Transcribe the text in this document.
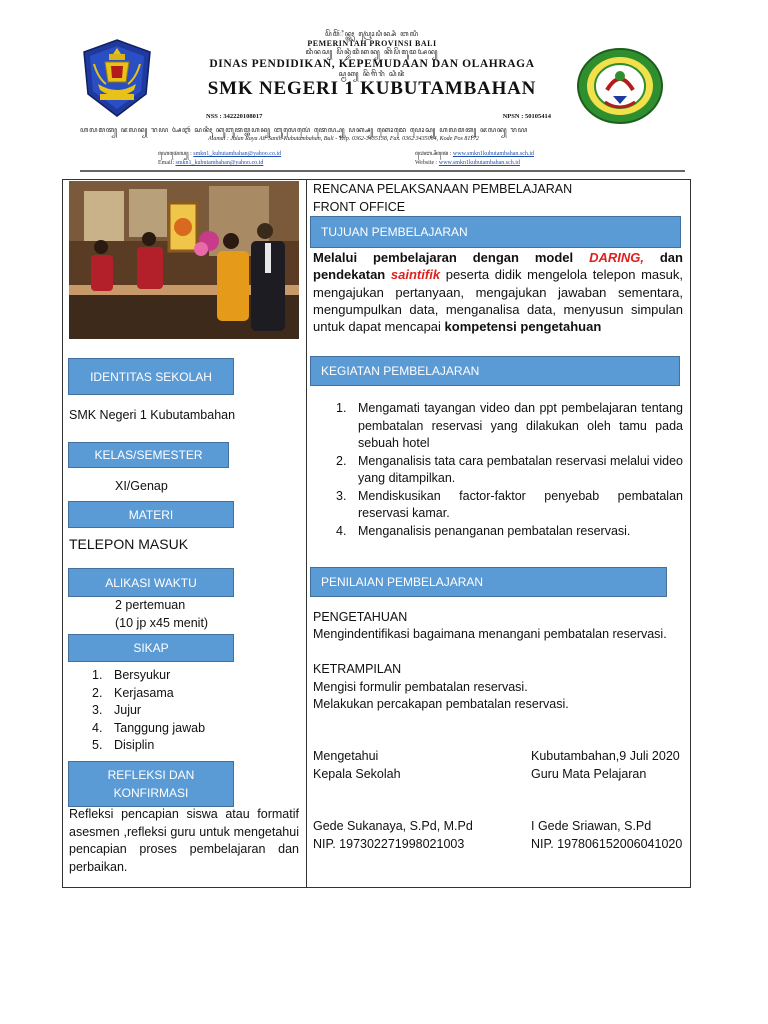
ꦥꦼꦩꦼꦂꦶꦤ꧀ꦠꦃ ꦥꦿꦺꦴꦥꦶꦤ꧀ꦱꦶ ꦧꦭꦶ
PEMERINTAH PROVINSI BALI
ꦢꦶꦤꦱ꧀ ꦥꦼꦤ꧀ꦢꦶꦢꦶꦏꦤ꧀ ꦏꦼꦥꦼꦩꦸꦢꦄꦤ꧀
DINAS PENDIDIKAN, KEPEMUDAAN DAN OLAHRAGA
ꦱ꧀ꦩꦏ꧀ ꦤꦼꦒꦼꦫꦶ ꦱꦶꦗꦶ
SMK NEGERI 1 KUBUTAMBAHAN
NSS : 342220108017	NPSN : 50105414
ꦲꦭꦩꦠ꧀ ꦗꦭꦤ꧀ ꦫꦪ ꦄꦆꦂ ꦱꦤꦶꦃ ꦏꦸꦧꦸꦠꦩ꧀ꦧꦲꦤ꧀ ꦧꦸꦭꦺꦭꦺꦁ ꦠꦺꦭ꧀ꦥ꧀ ꦥꦏ꧀ꦱ꧀ ꦏꦺꦴꦢꦺ ꦥꦺꦴꦱ꧀ ꦲꦭꦩꦠ꧀ ꦗꦭꦤ꧀ ꦫꦪ
Alamat : Jalan Raya Air Sanih-Kubutambahan, Buli - Telp. 0362-3435138, Fax. 0362 3435004, Kode Pos 81172
ꦲꦺꦩꦺꦭ꧀ : smkn1_kubutambahan@yahoo.co.id
Email: smkn1_kubutambahan@yahoo.co.id
ꦮꦺꦧ꧀ꦱꦶꦠꦺ : www.smkn1kubutambahan.sch.id
Website : www.smkn1kubutambahan.sch.id
IDENTITAS SEKOLAH
SMK Negeri 1 Kubutambahan
KELAS/SEMESTER
XI/Genap
MATERI
TELEPON MASUK
ALIKASI WAKTU
2 pertemuan
(10 jp x45 menit)
SIKAP
1. Bersyukur
2. Kerjasama
3. Jujur
4. Tanggung jawab
5. Disiplin
REFLEKSI DAN
KONFIRMASI
Refleksi pencapian siswa atau formatif asesmen ,refleksi guru untuk mengetahui pencapian proses pembelajaran dan perbaikan.
RENCANA PELAKSANAAN PEMBELAJARAN
FRONT OFFICE
TUJUAN PEMBELAJARAN
Melalui pembelajaran dengan model DARING, dan pendekatan saintifik peserta didik mengelola telepon masuk, mengajukan pertanyaan, mengajukan jawaban sementara, mengumpulkan data, menganalisa data, menyusun simpulan untuk dapat mencapai kompetensi pengetahuan
KEGIATAN PEMBELAJARAN
1. Mengamati tayangan video dan ppt pembelajaran tentang pembatalan reservasi yang dilakukan oleh tamu pada sebuah hotel
2. Menganalisis tata cara pembatalan reservasi melalui video yang ditampilkan.
3. Mendiskusikan factor-faktor penyebab pembatalan reservasi kamar.
4. Menganalisis penanganan pembatalan reservasi.
PENILAIAN PEMBELAJARAN
PENGETAHUAN
Mengindentifikasi bagaimana menangani pembatalan reservasi.
KETRAMPILAN
Mengisi formulir pembatalan reservasi.
Melakukan percakapan pembatalan reservasi.
Mengetahui
Kepala Sekolah
Kubutambahan,9 Juli 2020
Guru Mata Pelajaran
Gede Sukanaya, S.Pd, M.Pd
NIP. 197302271998021003
I Gede Sriawan, S.Pd
NIP. 197806152006041020
